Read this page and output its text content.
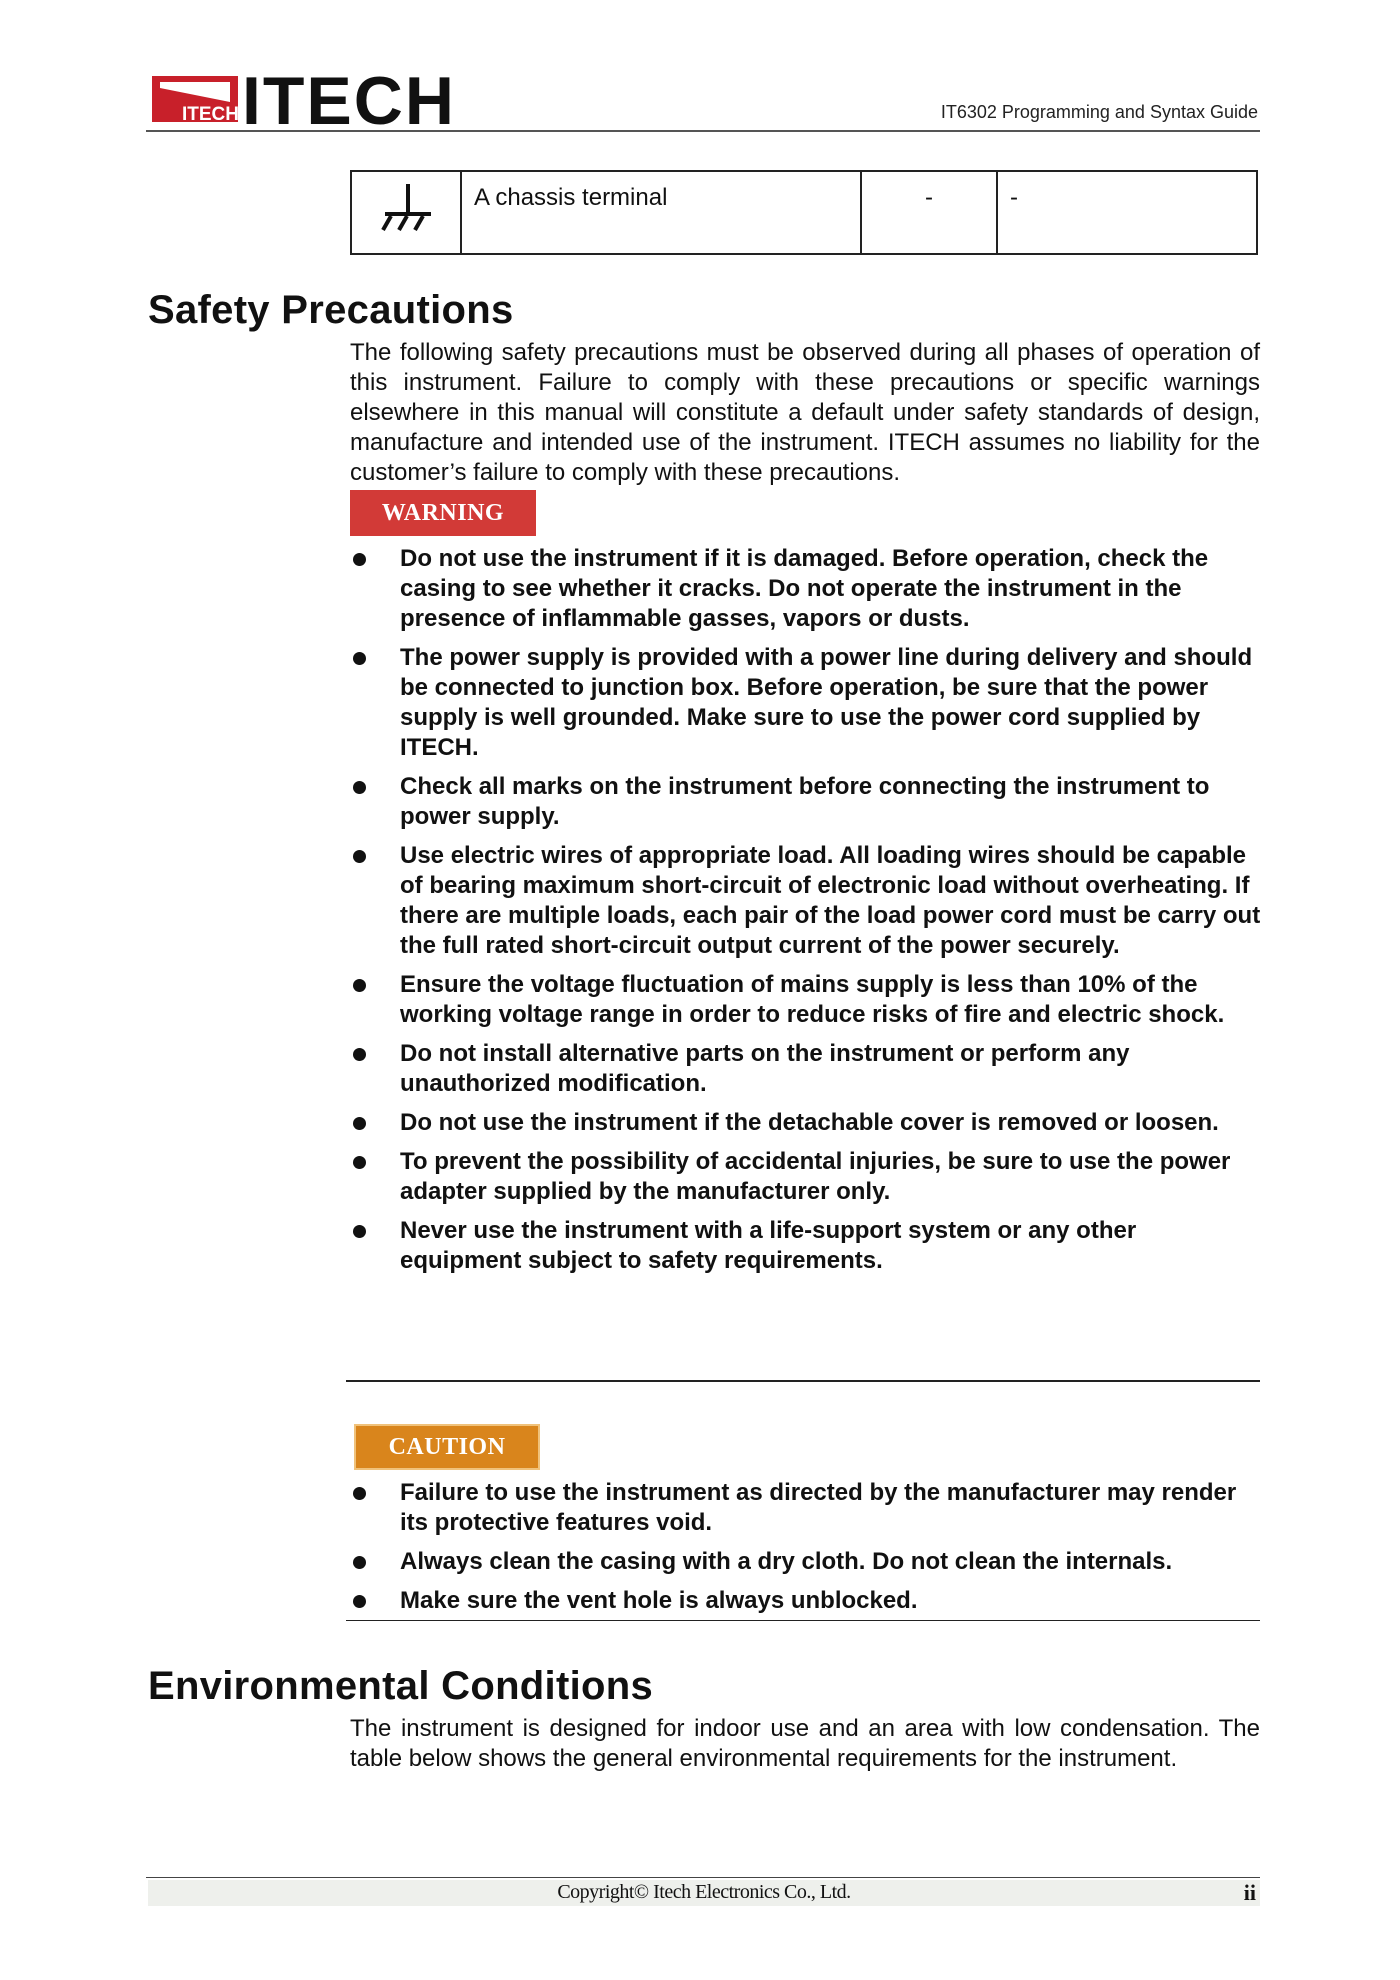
ITECH ITECH	IT6302 Programming and Syntax Guide
	A chassis terminal	-	-
Safety Precautions

The following safety precautions must be observed during all phases of operation of this instrument. Failure to comply with these precautions or specific warnings elsewhere in this manual will constitute a default under safety standards of design, manufacture and intended use of the instrument. ITECH assumes no liability for the customer’s failure to comply with these precautions.

WARNING
Do not use the instrument if it is damaged. Before operation, check the casing to see whether it cracks. Do not operate the instrument in the presence of inflammable gasses, vapors or dusts.
The power supply is provided with a power line during delivery and should be connected to junction box. Before operation, be sure that the power supply is well grounded. Make sure to use the power cord supplied by ITECH.
Check all marks on the instrument before connecting the instrument to power supply.
Use electric wires of appropriate load. All loading wires should be capable of bearing maximum short-circuit of electronic load without overheating. If there are multiple loads, each pair of the load power cord must be carry out the full rated short-circuit output current of the power securely.
Ensure the voltage fluctuation of mains supply is less than 10% of the working voltage range in order to reduce risks of fire and electric shock.
Do not install alternative parts on the instrument or perform any unauthorized modification.
Do not use the instrument if the detachable cover is removed or loosen.
To prevent the possibility of accidental injuries, be sure to use the power adapter supplied by the manufacturer only.
Never use the instrument with a life-support system or any other equipment subject to safety requirements.
CAUTION
Failure to use the instrument as directed by the manufacturer may render its protective features void.
Always clean the casing with a dry cloth. Do not clean the internals.
Make sure the vent hole is always unblocked.
Environmental Conditions

The instrument is designed for indoor use and an area with low condensation. The table below shows the general environmental requirements for the instrument.

Copyright© Itech Electronics Co., Ltd.	ii
